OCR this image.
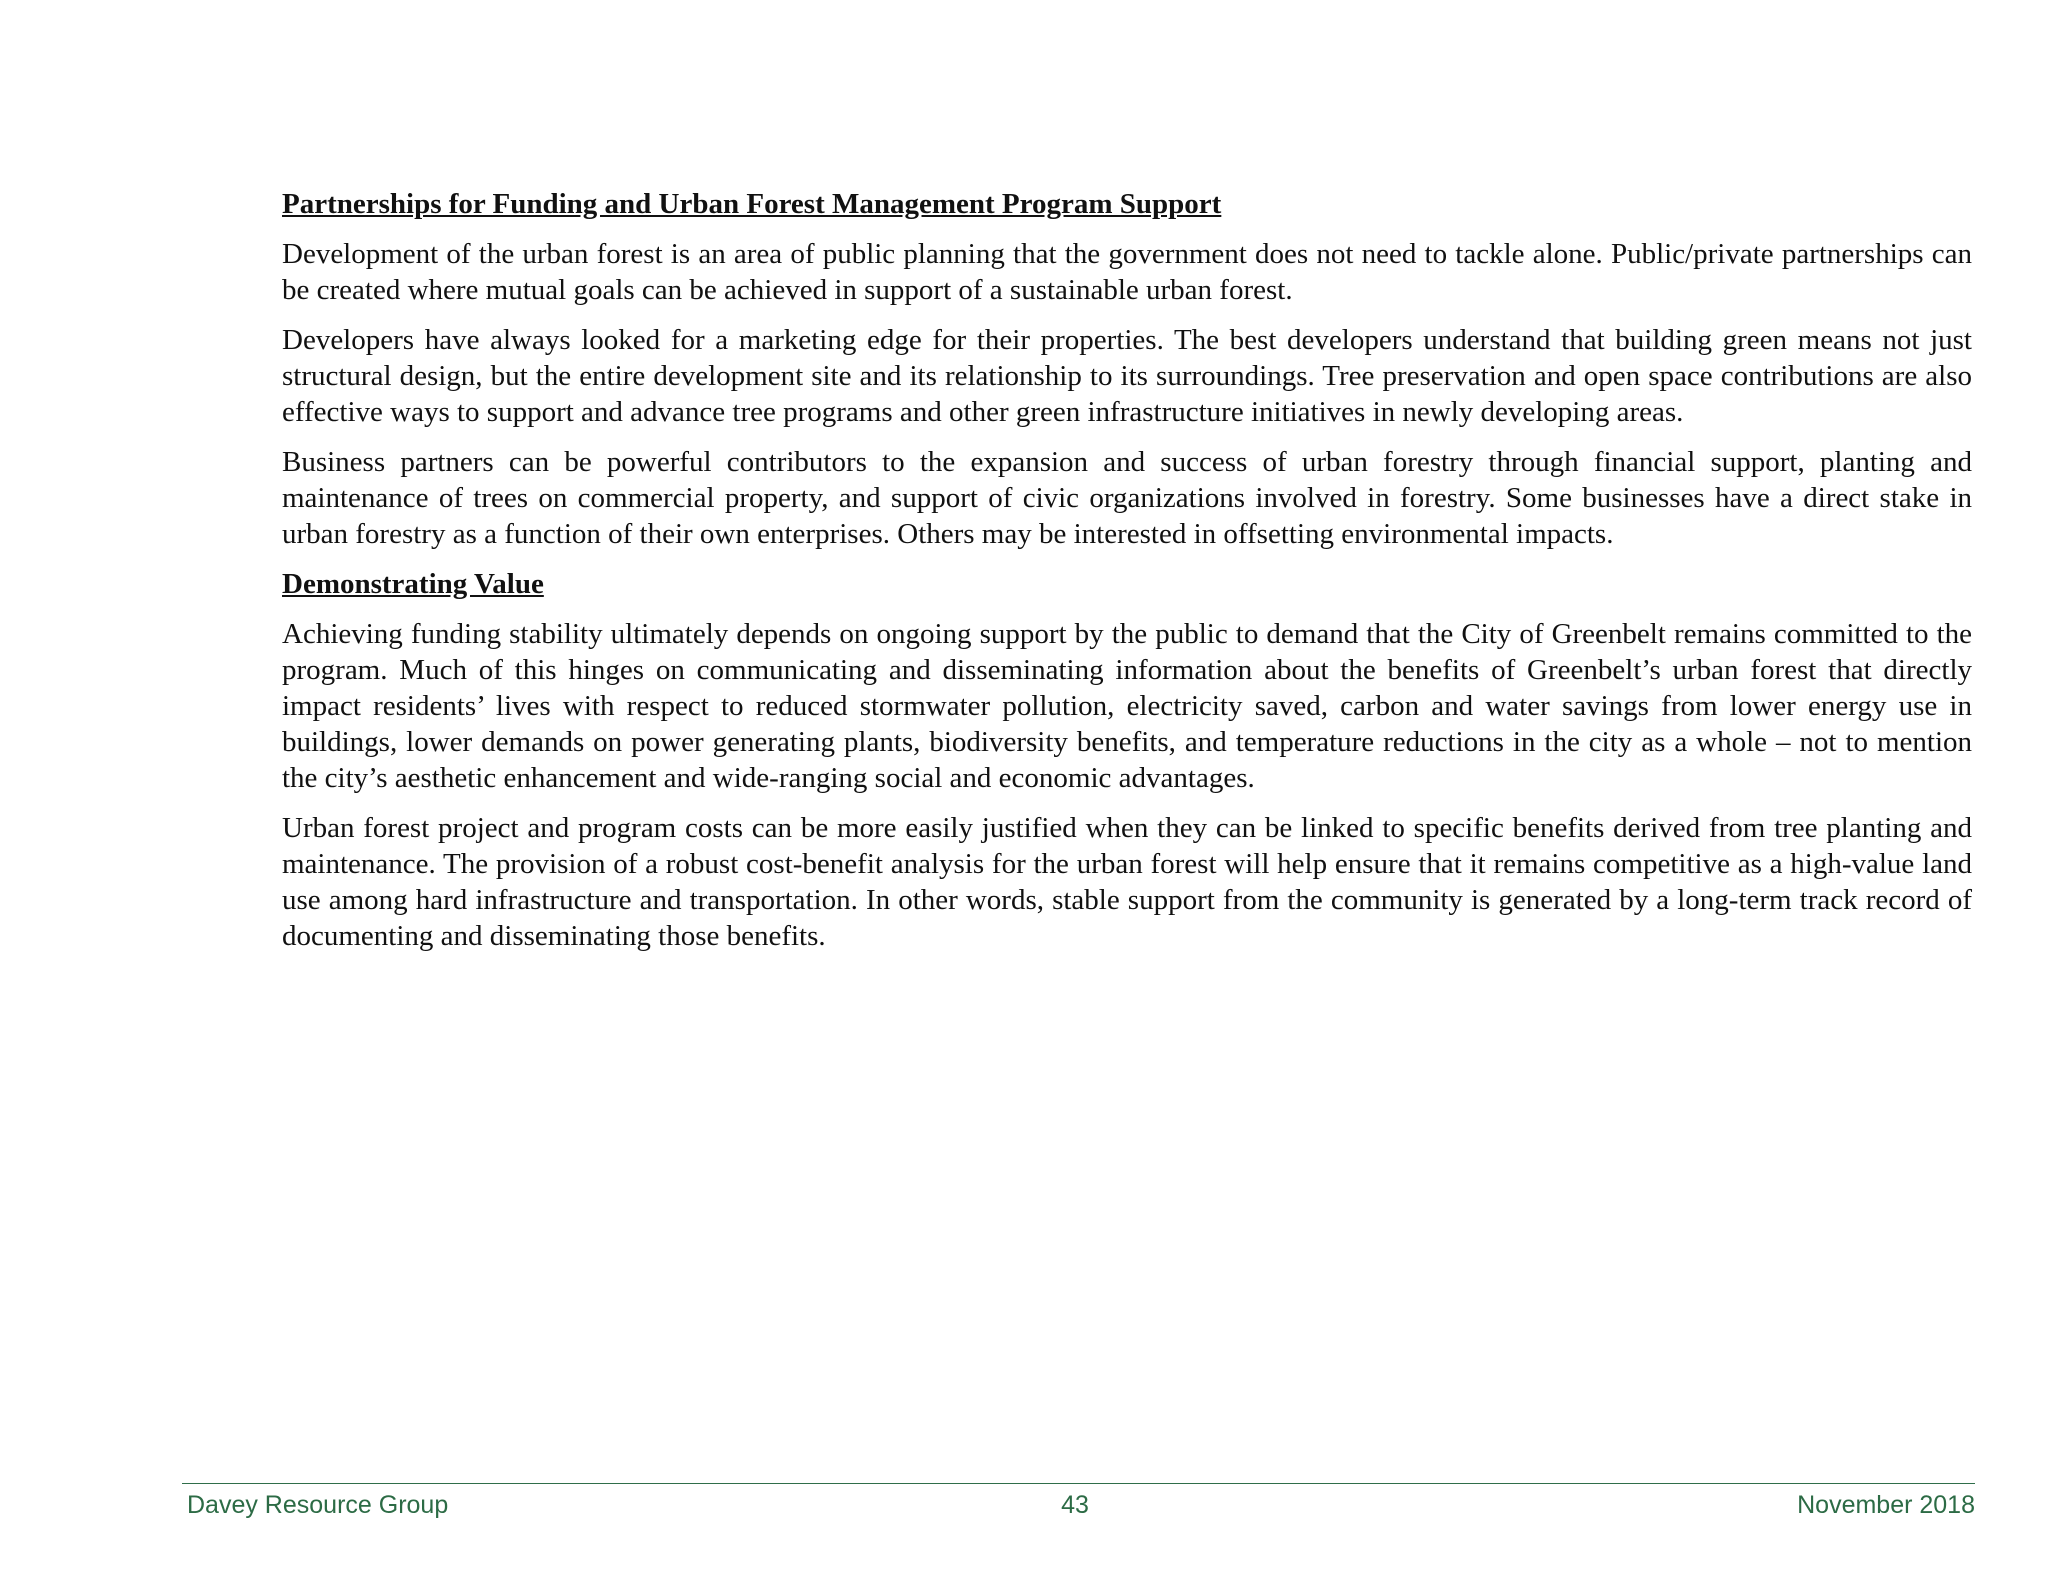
Partnerships for Funding and Urban Forest Management Program Support

Development of the urban forest is an area of public planning that the government does not need to tackle alone. Public/private partnerships can be created where mutual goals can be achieved in support of a sustainable urban forest.

Developers have always looked for a marketing edge for their properties. The best developers understand that building green means not just structural design, but the entire development site and its relationship to its surroundings. Tree preservation and open space contributions are also effective ways to support and advance tree programs and other green infrastructure initiatives in newly developing areas.

Business partners can be powerful contributors to the expansion and success of urban forestry through financial support, planting and maintenance of trees on commercial property, and support of civic organizations involved in forestry. Some businesses have a direct stake in urban forestry as a function of their own enterprises. Others may be interested in offsetting environmental impacts.

Demonstrating Value

Achieving funding stability ultimately depends on ongoing support by the public to demand that the City of Greenbelt remains committed to the program. Much of this hinges on communicating and disseminating information about the benefits of Greenbelt’s urban forest that directly impact residents’ lives with respect to reduced stormwater pollution, electricity saved, carbon and water savings from lower energy use in buildings, lower demands on power generating plants, biodiversity benefits, and temperature reductions in the city as a whole – not to mention the city’s aesthetic enhancement and wide-ranging social and economic advantages.

Urban forest project and program costs can be more easily justified when they can be linked to specific benefits derived from tree planting and maintenance. The provision of a robust cost-benefit analysis for the urban forest will help ensure that it remains competitive as a high-value land use among hard infrastructure and transportation. In other words, stable support from the community is generated by a long-term track record of documenting and disseminating those benefits.

Davey Resource Group	43	November 2018
